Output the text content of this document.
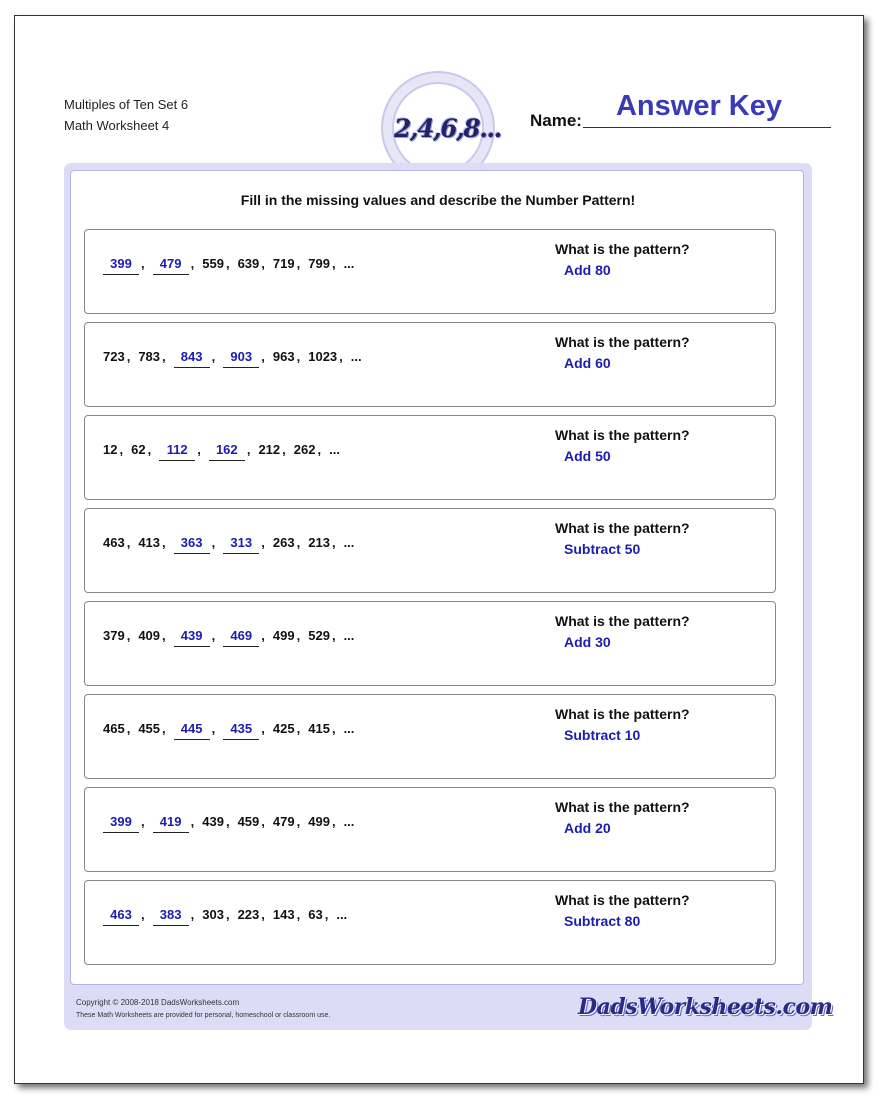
Multiples of Ten Set 6
Math Worksheet 4	2,4,6,8... Name:	Answer Key
Fill in the missing values and describe the Number Pattern!
399 , 479 , 559 , 639 , 719 , 799 , ...
What is the pattern?
Add 80
723 , 783 , 843 , 903 , 963 , 1023 , ...
What is the pattern?
Add 60
12 , 62 , 112 , 162 , 212 , 262 , ...
What is the pattern?
Add 50
463 , 413 , 363 , 313 , 263 , 213 , ...
What is the pattern?
Subtract 50
379 , 409 , 439 , 469 , 499 , 529 , ...
What is the pattern?
Add 30
465 , 455 , 445 , 435 , 425 , 415 , ...
What is the pattern?
Subtract 10
399 , 419 , 439 , 459 , 479 , 499 , ...
What is the pattern?
Add 20
463 , 383 , 303 , 223 , 143 , 63 , ...
What is the pattern?
Subtract 80
Copyright © 2008-2018 DadsWorksheets.com
These Math Worksheets are provided for personal, homeschool or classroom use.	DadsWorksheets.com
